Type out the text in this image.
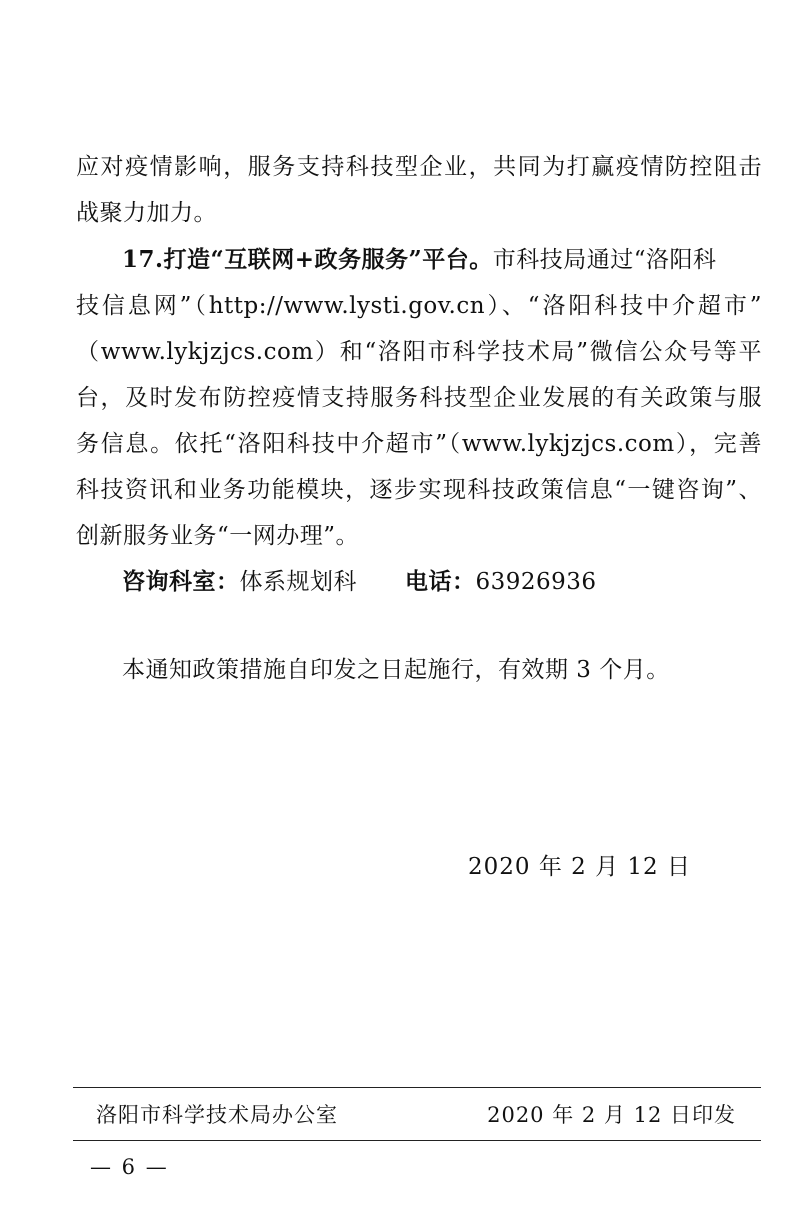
应对疫情影响，服务支持科技型企业，共同为打赢疫情防控阻击
战聚力加力。
17.打造“互联网+政务服务”平台。市科技局通过“洛阳科
技信息网”（http://www.lysti.gov.cn）、“洛阳科技中介超市”
（www.lykjzjcs.com）和“洛阳市科学技术局”微信公众号等平
台，及时发布防控疫情支持服务科技型企业发展的有关政策与服
务信息。依托“洛阳科技中介超市”（www.lykjzjcs.com），完善
科技资讯和业务功能模块，逐步实现科技政策信息“一键咨询”、
创新服务业务“一网办理”。
咨询科室：体系规划科 电话：63926936
本通知政策措施自印发之日起施行，有效期 3 个月。
2020 年 2 月 12 日
洛阳市科学技术局办公室	2020 年 2 月 12 日印发
— 6 —
